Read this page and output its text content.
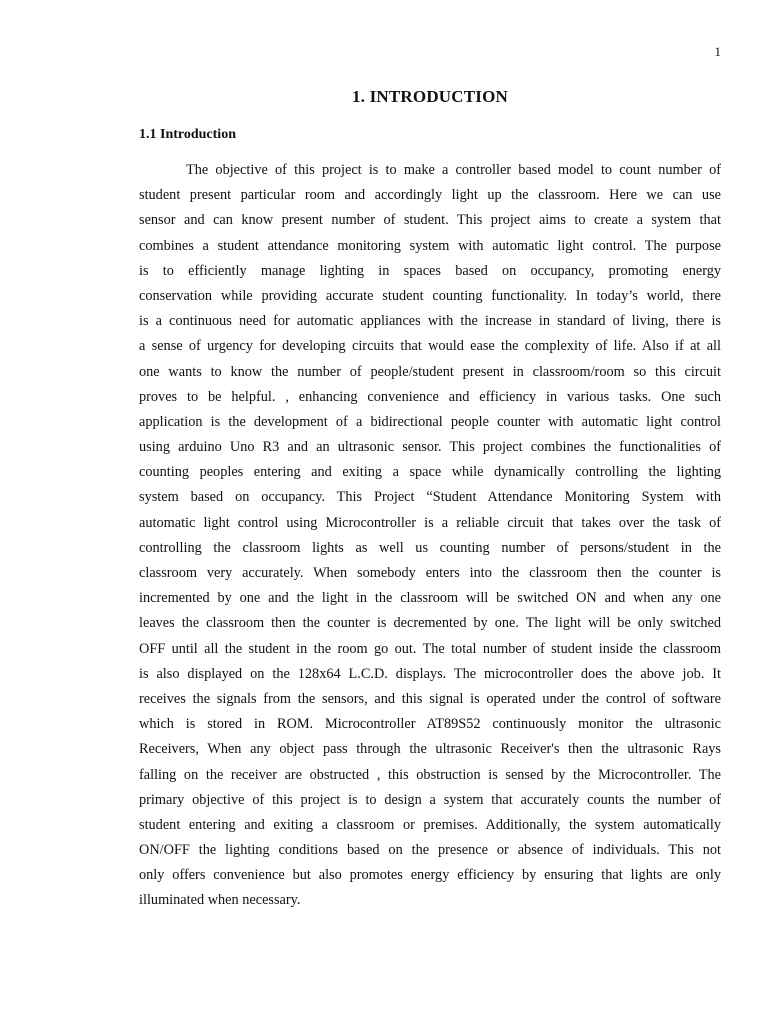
1
1. INTRODUCTION
1.1 Introduction

The objective of this project is to make a controller based model to count number of
student present particular room and accordingly light up the classroom. Here we can use
sensor and can know present number of student. This project aims to create a system that
combines a student attendance monitoring system with automatic light control. The purpose
is to efficiently manage lighting in spaces based on occupancy, promoting energy
conservation while providing accurate student counting functionality. In today’s world, there
is a continuous need for automatic appliances with the increase in standard of living, there is
a sense of urgency for developing circuits that would ease the complexity of life. Also if at all
one wants to know the number of people/student present in classroom/room so this circuit
proves to be helpful. , enhancing convenience and efficiency in various tasks. One such
application is the development of a bidirectional people counter with automatic light control
using arduino Uno R3 and an ultrasonic sensor. This project combines the functionalities of
counting peoples entering and exiting a space while dynamically controlling the lighting
system based on occupancy. This Project “Student Attendance Monitoring System with
automatic light control using Microcontroller is a reliable circuit that takes over the task of
controlling the classroom lights as well us counting number of persons/student in the
classroom very accurately. When somebody enters into the classroom then the counter is
incremented by one and the light in the classroom will be switched ON and when any one
leaves the classroom then the counter is decremented by one. The light will be only switched
OFF until all the student in the room go out. The total number of student inside the classroom
is also displayed on the 128x64 L.C.D. displays. The microcontroller does the above job. It
receives the signals from the sensors, and this signal is operated under the control of software
which is stored in ROM. Microcontroller AT89S52 continuously monitor the ultrasonic
Receivers, When any object pass through the ultrasonic Receiver's then the ultrasonic Rays
falling on the receiver are obstructed , this obstruction is sensed by the Microcontroller. The
primary objective of this project is to design a system that accurately counts the number of
student entering and exiting a classroom or premises. Additionally, the system automatically
ON/OFF the lighting conditions based on the presence or absence of individuals. This not
only offers convenience but also promotes energy efficiency by ensuring that lights are only
illuminated when necessary.
